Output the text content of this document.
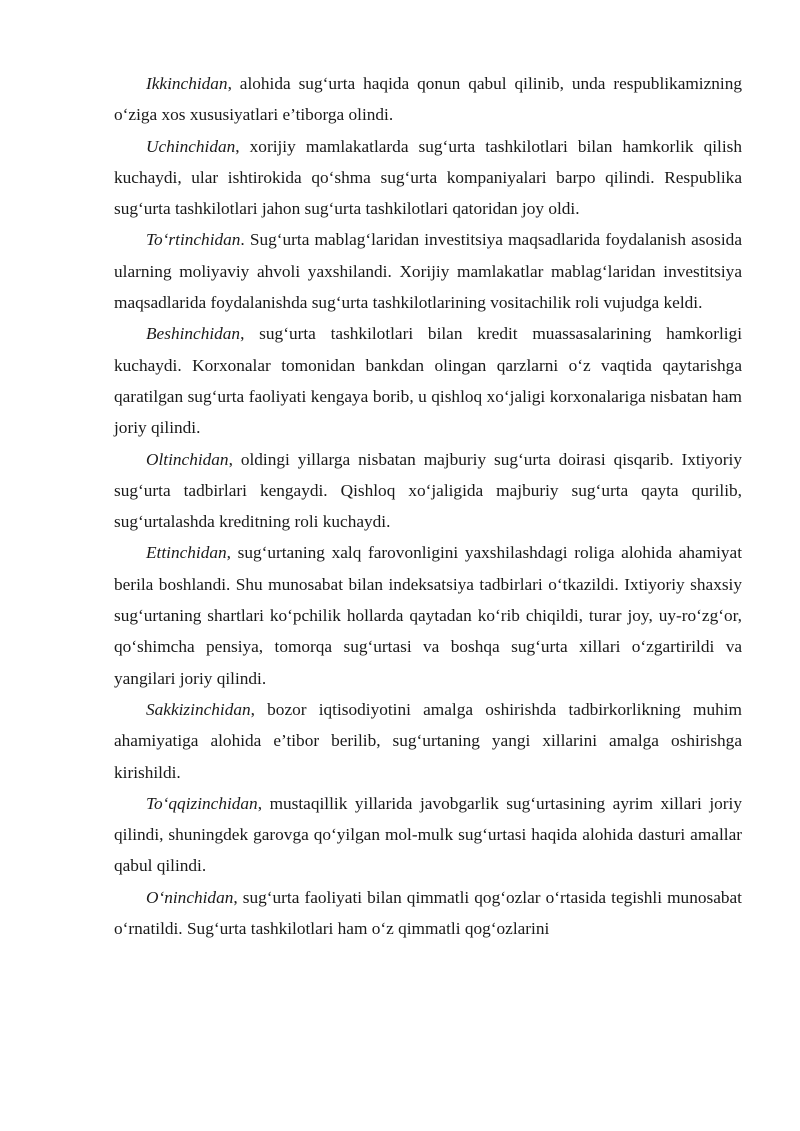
Ikkinchidan, alohida sug‘urta haqida qonun qabul qilinib, unda respublikamizning o‘ziga xos xususiyatlari e’tiborga olindi.

Uchinchidan, xorijiy mamlakatlarda sug‘urta tashkilotlari bilan hamkorlik qilish kuchaydi, ular ishtirokida qo‘shma sug‘urta kompaniyalari barpo qilindi. Respublika sug‘urta tashkilotlari jahon sug‘urta tashkilotlari qatoridan joy oldi.

To‘rtinchidan. Sug‘urta mablag‘laridan investitsiya maqsadlarida foydalanish asosida ularning moliyaviy ahvoli yaxshilandi. Xorijiy mamlakatlar mablag‘laridan investitsiya maqsadlarida foydalanishda sug‘urta tashkilotlarining vositachilik roli vujudga keldi.

Beshinchidan, sug‘urta tashkilotlari bilan kredit muassasalarining hamkorligi kuchaydi. Korxonalar tomonidan bankdan olingan qarzlarni o‘z vaqtida qaytarishga qaratilgan sug‘urta faoliyati kengaya borib, u qishloq xo‘jaligi korxonalariga nisbatan ham joriy qilindi.

Oltinchidan, oldingi yillarga nisbatan majburiy sug‘urta doirasi qisqarib. Ixtiyoriy sug‘urta tadbirlari kengaydi. Qishloq xo‘jaligida majburiy sug‘urta qayta qurilib, sug‘urtalashda kreditning roli kuchaydi.

Ettinchidan, sug‘urtaning xalq farovonligini yaxshilashdagi roliga alohida ahamiyat berila boshlandi. Shu munosabat bilan indeksatsiya tadbirlari o‘tkazildi. Ixtiyoriy shaxsiy sug‘urtaning shartlari ko‘pchilik hollarda qaytadan ko‘rib chiqildi, turar joy, uy-ro‘zg‘or, qo‘shimcha pensiya, tomorqa sug‘urtasi va boshqa sug‘urta xillari o‘zgartirildi va yangilari joriy qilindi.

Sakkizinchidan, bozor iqtisodiyotini amalga oshirishda tadbirkorlikning muhim ahamiyatiga alohida e’tibor berilib, sug‘urtaning yangi xillarini amalga oshirishga kirishildi.

To‘qqizinchidan, mustaqillik yillarida javobgarlik sug‘urtasining ayrim xillari joriy qilindi, shuningdek garovga qo‘yilgan mol-mulk sug‘urtasi haqida alohida dasturi amallar qabul qilindi.

O‘ninchidan, sug‘urta faoliyati bilan qimmatli qog‘ozlar o‘rtasida tegishli munosabat o‘rnatildi. Sug‘urta tashkilotlari ham o‘z qimmatli qog‘ozlarini
